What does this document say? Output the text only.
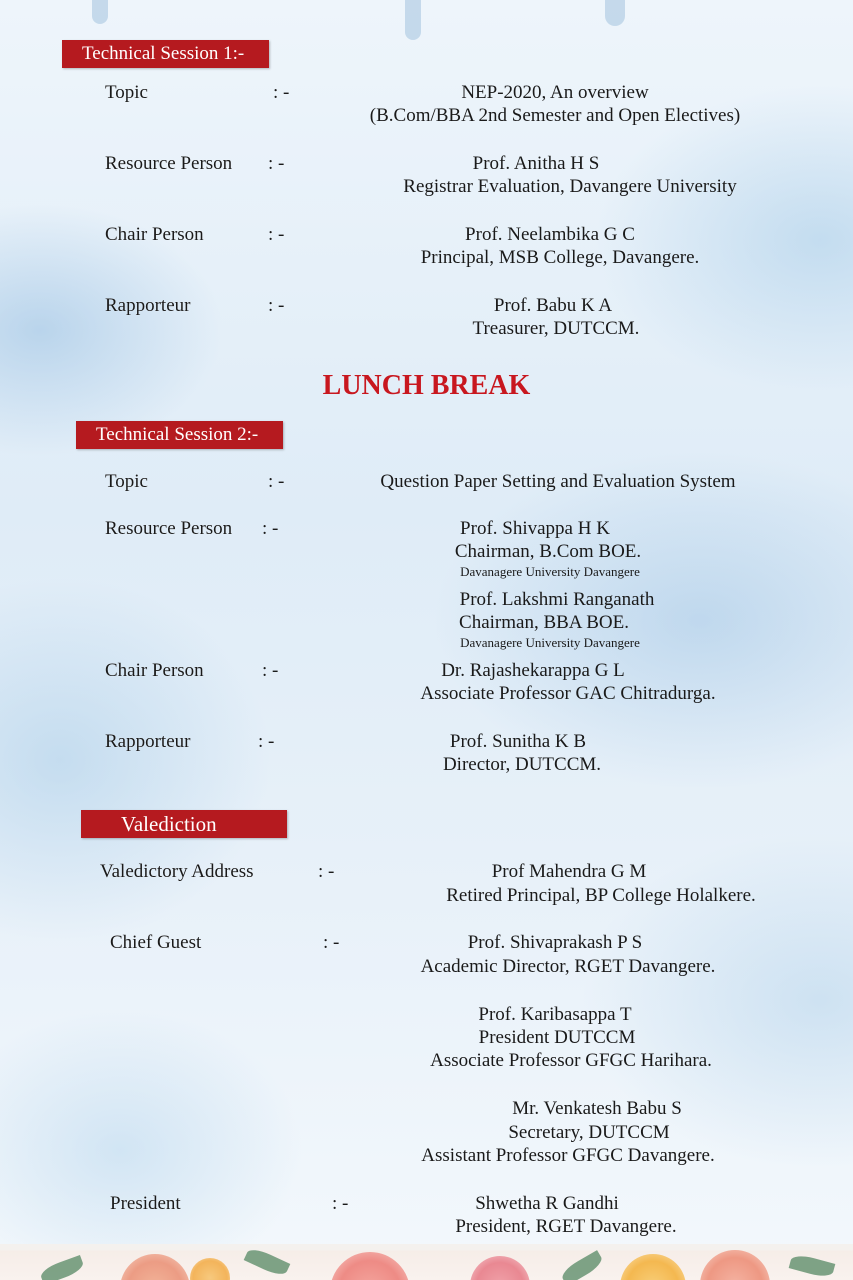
Technical Session 1:-
Topic	: -	NEP-2020, An overview
(B.Com/BBA 2nd Semester and Open Electives)
Resource Person : -	Prof. Anitha H S
Registrar Evaluation, Davangere University
Chair Person	: -	Prof. Neelambika G C
Principal, MSB College, Davangere.
Rapporteur	: -	Prof. Babu K A
Treasurer, DUTCCM.
LUNCH BREAK
Technical Session 2:-
Topic	: -	Question Paper Setting and Evaluation System
Resource Person : -	Prof. Shivappa H K
Chairman, B.Com BOE.
Davanagere University Davangere
Prof. Lakshmi Ranganath
Chairman, BBA BOE.
Davanagere University Davangere
Chair Person	: -	Dr. Rajashekarappa G L
Associate Professor GAC Chitradurga.
Rapporteur	: -	Prof. Sunitha K B
Director, DUTCCM.
Valediction
Valedictory Address	: -	Prof Mahendra G M
Retired Principal, BP College Holalkere.
Chief Guest	: -	Prof. Shivaprakash P S
Academic Director, RGET Davangere.
Prof. Karibasappa T
President DUTCCM
Associate Professor GFGC Harihara.
Mr. Venkatesh Babu S
Secretary, DUTCCM
Assistant Professor GFGC Davangere.
President	: -	Shwetha R Gandhi
President, RGET Davangere.
